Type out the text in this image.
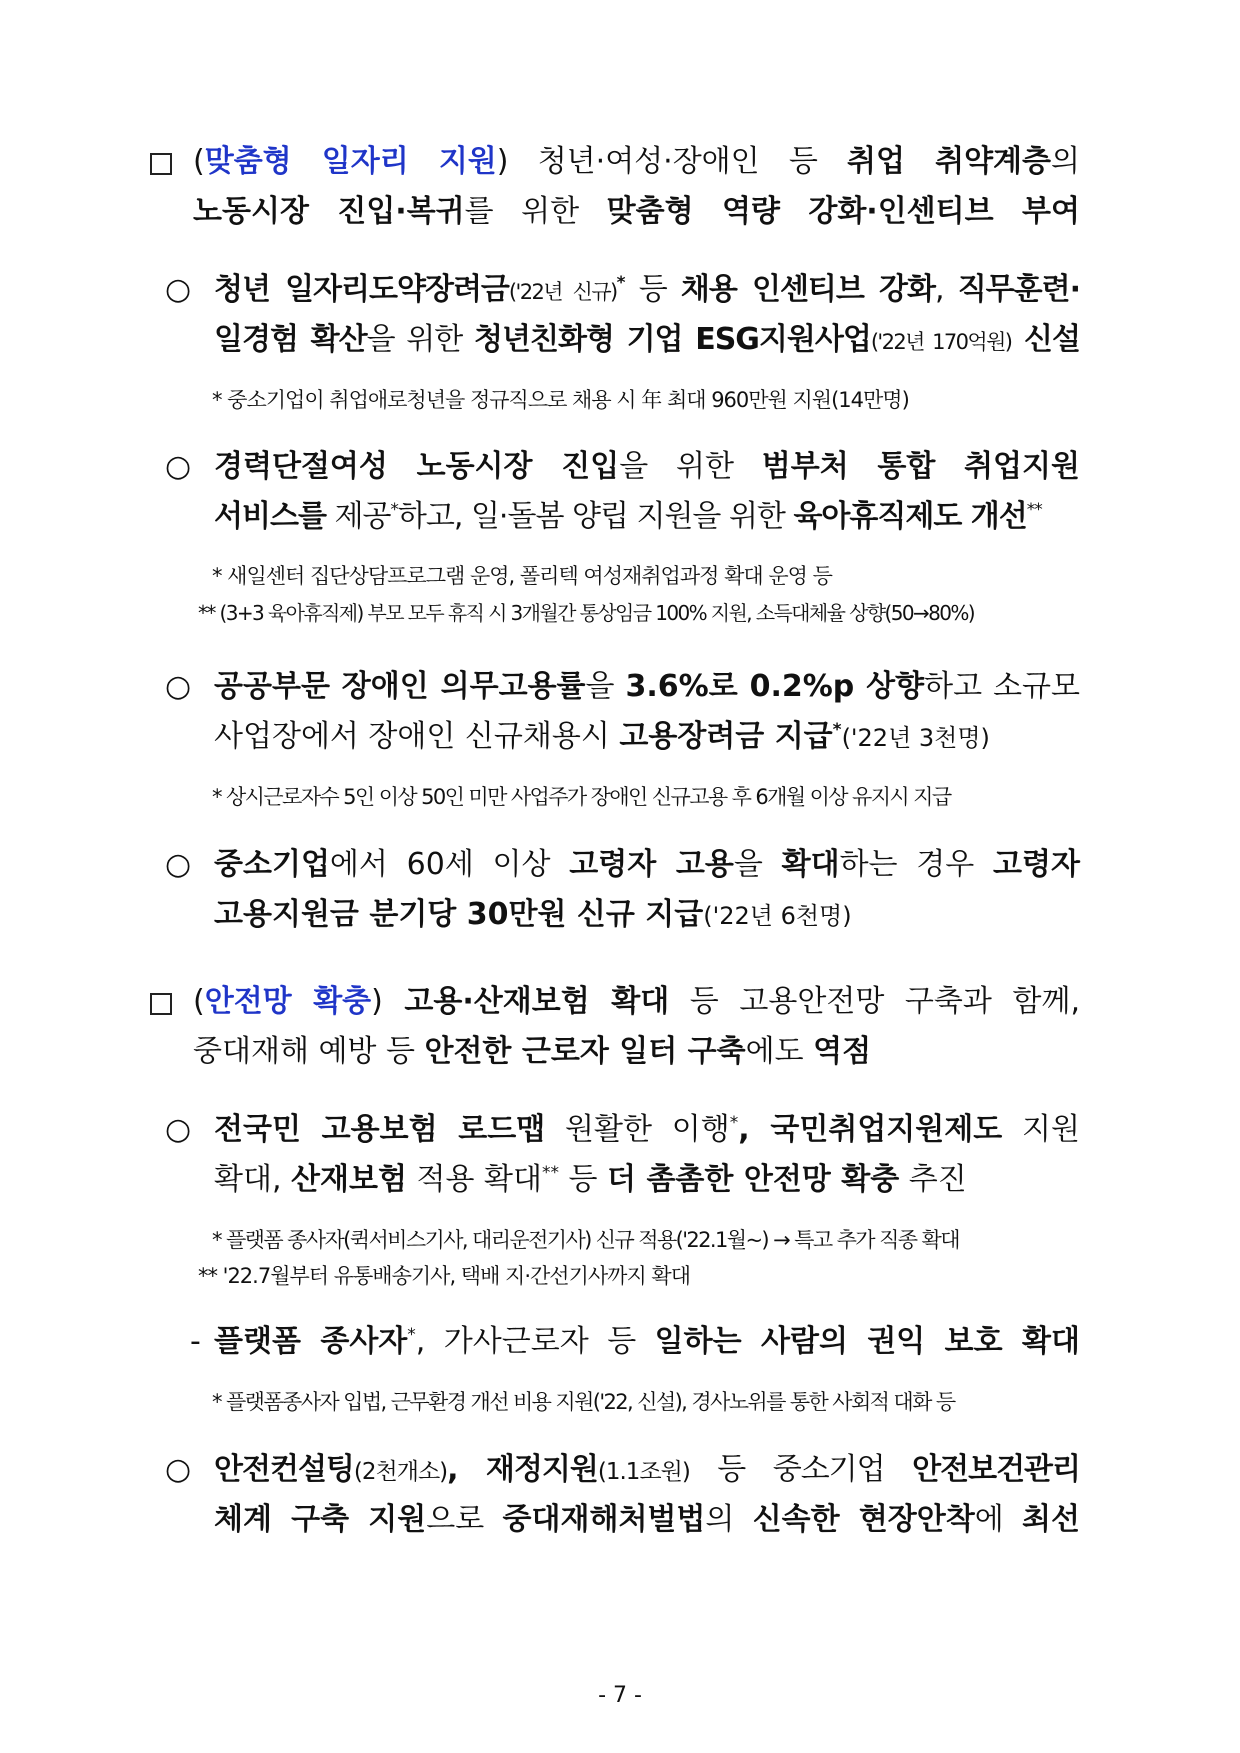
(맞춤형 일자리 지원) 청년·여성·장애인 등 취업 취약계층의
노동시장 진입·복귀를 위한 맞춤형 역량 강화·인센티브 부여
○ 청년 일자리도약장려금('22년 신규)* 등 채용 인센티브 강화, 직무훈련·
일경험 확산을 위한 청년친화형 기업 ESG지원사업('22년 170억원) 신설
* 중소기업이 취업애로청년을 정규직으로 채용 시 年 최대 960만원 지원(14만명)
○ 경력단절여성 노동시장 진입을 위한 범부처 통합 취업지원
서비스를 제공*하고, 일·돌봄 양립 지원을 위한 육아휴직제도 개선**
* 새일센터 집단상담프로그램 운영, 폴리텍 여성재취업과정 확대 운영 등
** (3+3 육아휴직제) 부모 모두 휴직 시 3개월간 통상임금 100% 지원, 소득대체율 상향(50→80%)
○ 공공부문 장애인 의무고용률을 3.6%로 0.2%p 상향하고 소규모
사업장에서 장애인 신규채용시 고용장려금 지급*('22년 3천명)
* 상시근로자수 5인 이상 50인 미만 사업주가 장애인 신규고용 후 6개월 이상 유지시 지급
○ 중소기업에서 60세 이상 고령자 고용을 확대하는 경우 고령자
고용지원금 분기당 30만원 신규 지급('22년 6천명)
(안전망 확충) 고용·산재보험 확대 등 고용안전망 구축과 함께,
중대재해 예방 등 안전한 근로자 일터 구축에도 역점
○ 전국민 고용보험 로드맵 원활한 이행*, 국민취업지원제도 지원
확대, 산재보험 적용 확대** 등 더 촘촘한 안전망 확충 추진
* 플랫폼 종사자(퀵서비스기사, 대리운전기사) 신규 적용('22.1월~) → 특고 추가 직종 확대
** '22.7월부터 유통배송기사, 택배 지·간선기사까지 확대
- 플랫폼 종사자*, 가사근로자 등 일하는 사람의 권익 보호 확대
* 플랫폼종사자 입법, 근무환경 개선 비용 지원('22, 신설), 경사노위를 통한 사회적 대화 등
○ 안전컨설팅(2천개소), 재정지원(1.1조원) 등 중소기업 안전보건관리
체계 구축 지원으로 중대재해처벌법의 신속한 현장안착에 최선
- 7 -
